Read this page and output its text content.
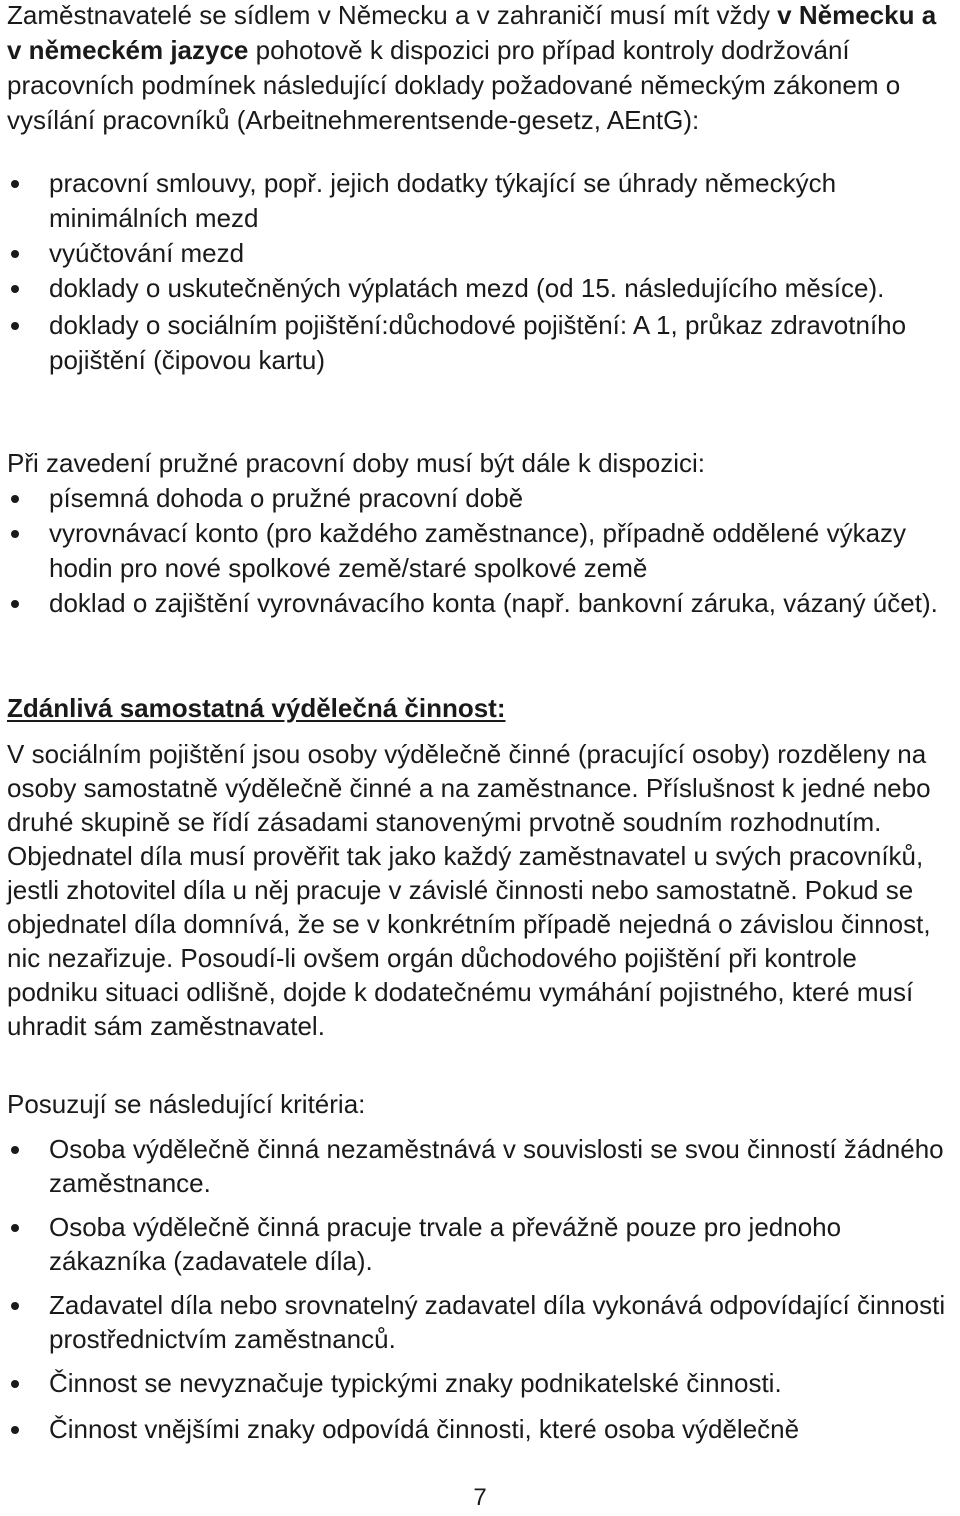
Zaměstnavatelé se sídlem v Německu a v zahraničí musí mít vždy v Německu a v německém jazyce pohotově k dispozici pro případ kontroly dodržování pracovních podmínek následující doklady požadované německým zákonem o vysílání pracovníků (Arbeitnehmerentsende-gesetz, AEntG):

pracovní smlouvy, popř. jejich dodatky týkající se úhrady německých minimálních mezd
vyúčtování mezd
doklady o uskutečněných výplatách mezd (od 15. následujícího měsíce).
doklady o sociálním pojištění:důchodové pojištění: A 1, průkaz zdravotního pojištění (čipovou kartu)

Při zavedení pružné pracovní doby musí být dále k dispozici:

písemná dohoda o pružné pracovní době
vyrovnávací konto (pro každého zaměstnance), případně oddělené výkazy hodin pro nové spolkové země/staré spolkové země
doklad o zajištění vyrovnávacího konta (např. bankovní záruka, vázaný účet).

Zdánlivá samostatná výdělečná činnost:

V sociálním pojištění jsou osoby výdělečně činné (pracující osoby) rozděleny na osoby samostatně výdělečně činné a na zaměstnance. Příslušnost k jedné nebo druhé skupině se řídí zásadami stanovenými prvotně soudním rozhodnutím. Objednatel díla musí prověřit tak jako každý zaměstnavatel u svých pracovníků, jestli zhotovitel díla u něj pracuje v závislé činnosti nebo samostatně. Pokud se objednatel díla domnívá, že se v konkrétním případě nejedná o závislou činnost, nic nezařizuje. Posoudí-li ovšem orgán důchodového pojištění při kontrole podniku situaci odlišně, dojde k dodatečnému vymáhání pojistného, které musí uhradit sám zaměstnavatel.

Posuzují se následující kritéria:

Osoba výdělečně činná nezaměstnává v souvislosti se svou činností žádného zaměstnance.
Osoba výdělečně činná pracuje trvale a převážně pouze pro jednoho zákazníka (zadavatele díla).
Zadavatel díla nebo srovnatelný zadavatel díla vykonává odpovídající činnosti prostřednictvím zaměstnanců.
Činnost se nevyznačuje typickými znaky podnikatelské činnosti.
Činnost vnějšími znaky odpovídá činnosti, které osoba výdělečně
7
